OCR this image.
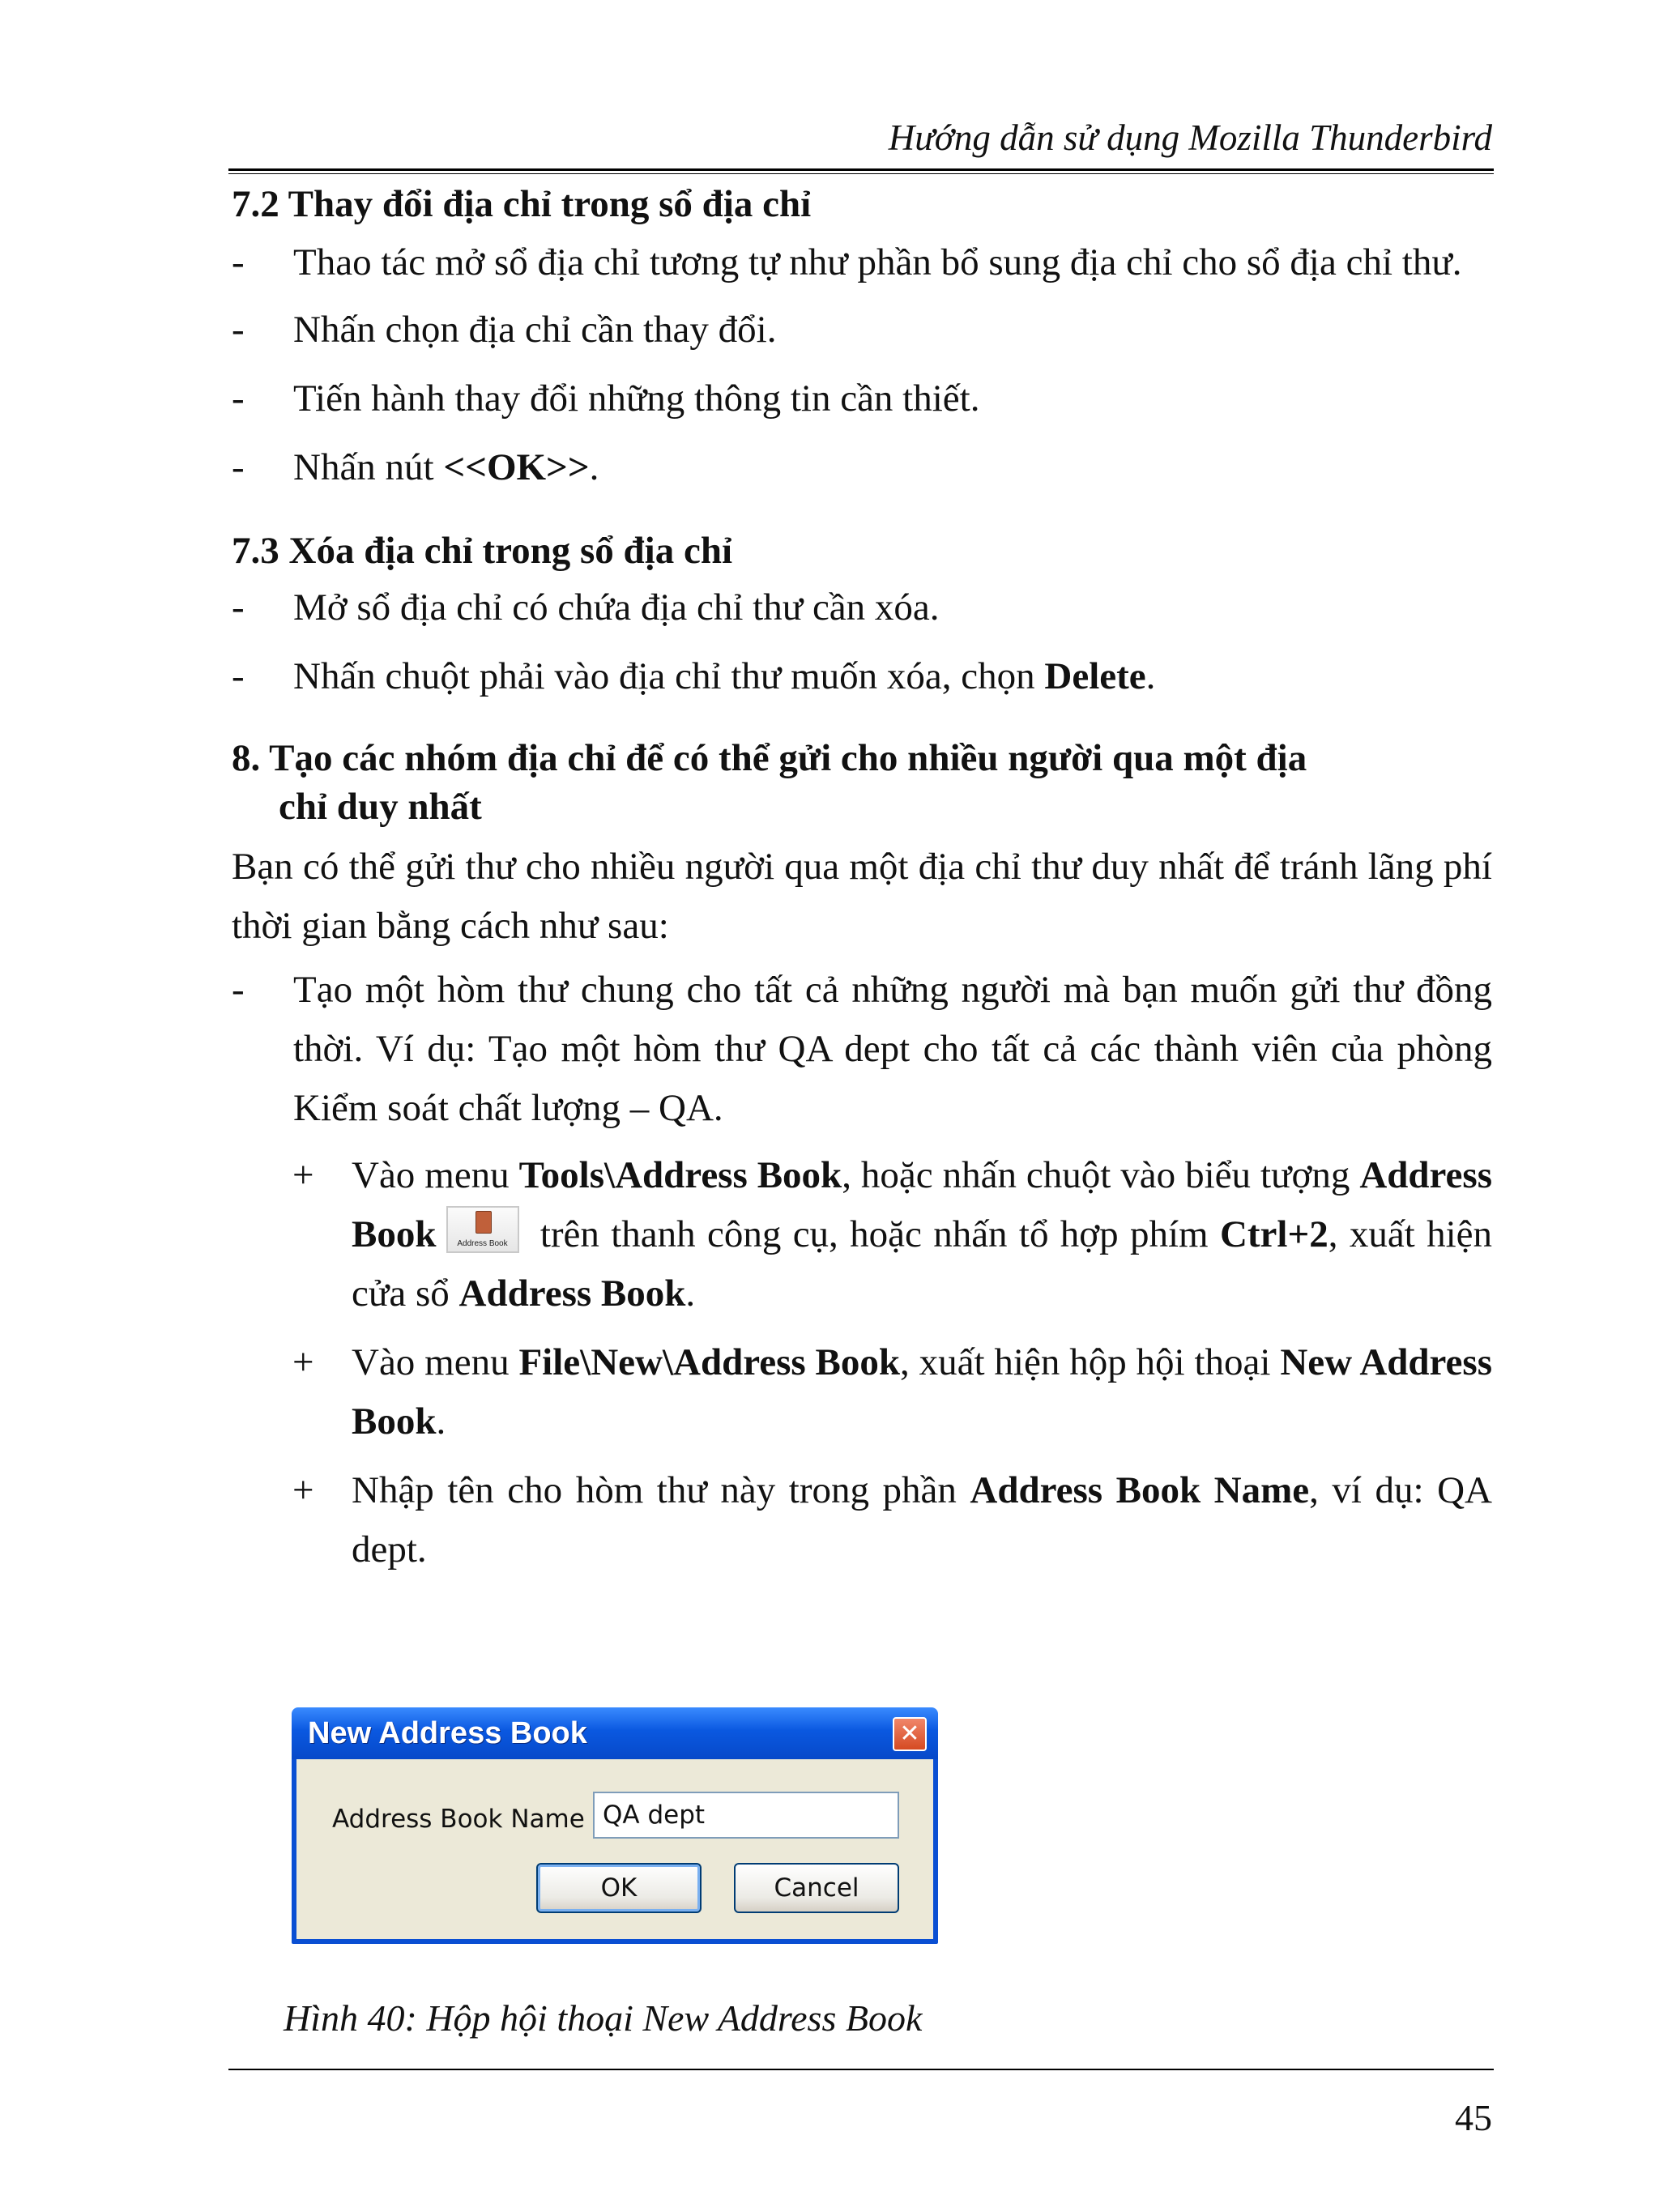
Hướng dẫn sử dụng Mozilla Thunderbird
7.2 Thay đổi địa chỉ trong sổ địa chỉ
-	Thao tác mở sổ địa chỉ tương tự như phần bổ sung địa chỉ cho sổ địa chỉ thư.
-	Nhấn chọn địa chỉ cần thay đổi.
-	Tiến hành thay đổi những thông tin cần thiết.
-	Nhấn nút <<OK>>.
7.3 Xóa địa chỉ trong sổ địa chỉ
-	Mở sổ địa chỉ có chứa địa chỉ thư cần xóa.
-	Nhấn chuột phải vào địa chỉ thư muốn xóa, chọn Delete.
8. Tạo các nhóm địa chỉ để có thể gửi cho nhiều người qua một địa
chỉ duy nhất
Bạn có thể gửi thư cho nhiều người qua một địa chỉ thư duy nhất để tránh lãng phí thời gian bằng cách như sau:
-	Tạo một hòm thư chung cho tất cả những người mà bạn muốn gửi thư đồng thời. Ví dụ: Tạo một hòm thư QA dept cho tất cả các thành viên của phòng Kiểm soát chất lượng – QA.
+ Vào menu Tools\Address Book, hoặc nhấn chuột vào biểu tượng Address Book	Address Book trên thanh công cụ, hoặc nhấn tổ hợp phím Ctrl+2, xuất hiện cửa sổ Address Book.
+ Vào menu File\New\Address Book, xuất hiện hộp hội thoại New Address Book.
+ Nhập tên cho hòm thư này trong phần Address Book Name, ví dụ: QA dept.
New Address Book	✕
Address Book Name QA dept
OK	Cancel
Hình 40: Hộp hội thoại New Address Book
45
